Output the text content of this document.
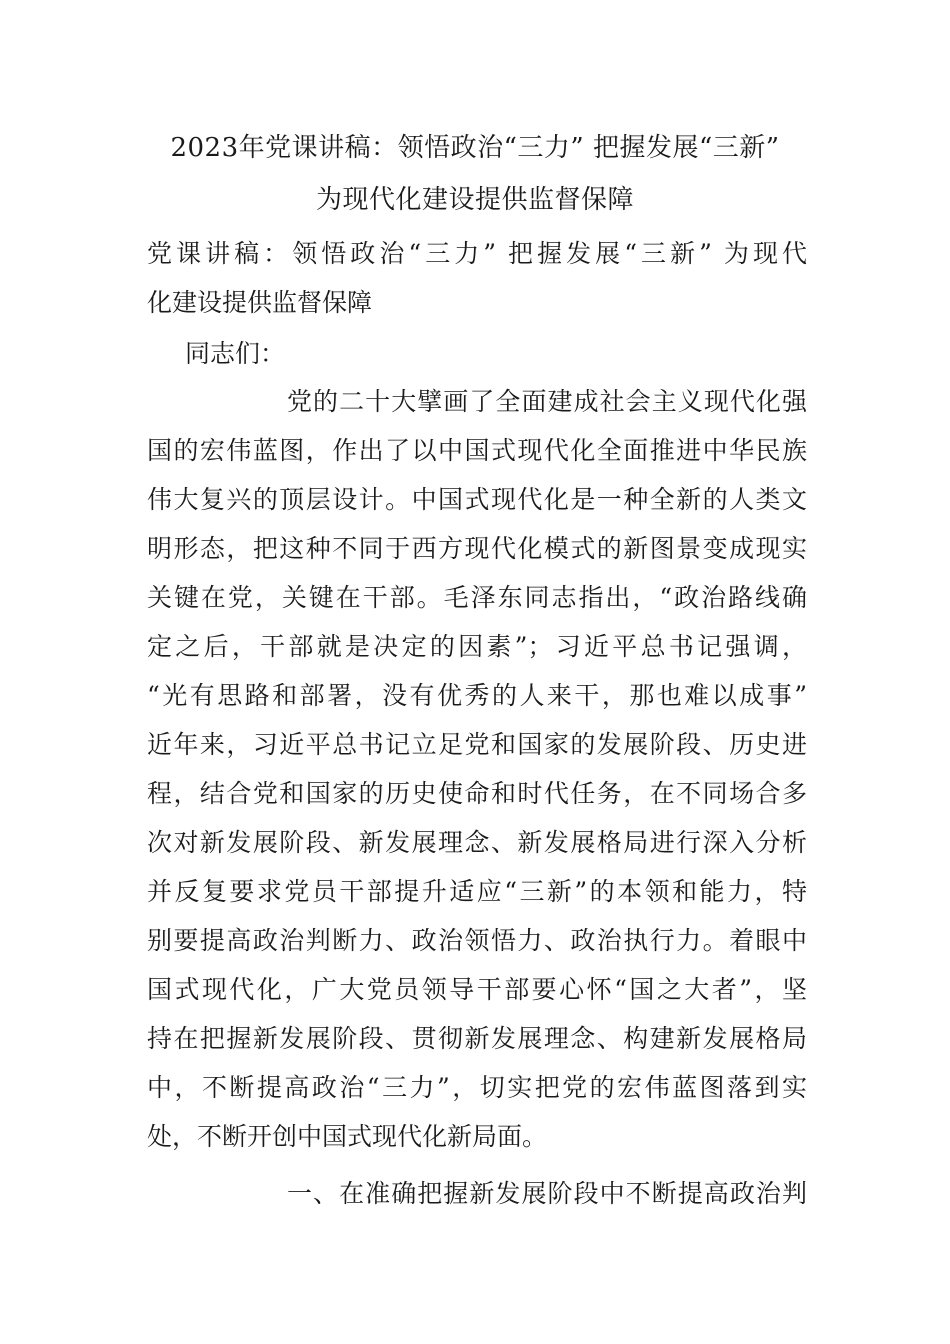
2023年党课讲稿：领悟政治“三力” 把握发展“三新”
为现代化建设提供监督保障
党课讲稿：领悟政治“三力” 把握发展“三新” 为现代
化建设提供监督保障
同志们：
党的二十大擘画了全面建成社会主义现代化强
国的宏伟蓝图，作出了以中国式现代化全面推进中华民族
伟大复兴的顶层设计。中国式现代化是一种全新的人类文
明形态，把这种不同于西方现代化模式的新图景变成现实
关键在党，关键在干部。毛泽东同志指出，“政治路线确
定之后，干部就是决定的因素”；习近平总书记强调，
“光有思路和部署，没有优秀的人来干，那也难以成事”
近年来，习近平总书记立足党和国家的发展阶段、历史进
程，结合党和国家的历史使命和时代任务，在不同场合多
次对新发展阶段、新发展理念、新发展格局进行深入分析
并反复要求党员干部提升适应“三新”的本领和能力，特
别要提高政治判断力、政治领悟力、政治执行力。着眼中
国式现代化，广大党员领导干部要心怀“国之大者”，坚
持在把握新发展阶段、贯彻新发展理念、构建新发展格局
中，不断提高政治“三力”，切实把党的宏伟蓝图落到实
处，不断开创中国式现代化新局面。
一、在准确把握新发展阶段中不断提高政治判
